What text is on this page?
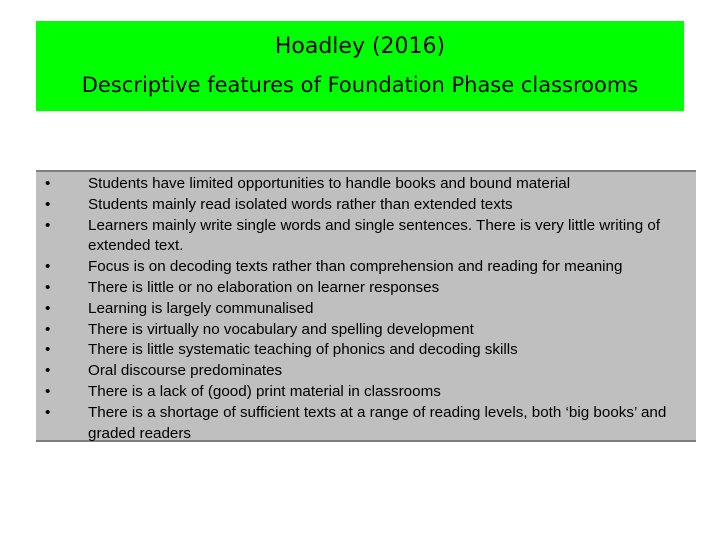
Hoadley (2016)
Descriptive features of Foundation Phase classrooms
•	Students have limited opportunities to handle books and bound material
•	Students mainly read isolated words rather than extended texts
•	Learners mainly write single words and single sentences. There is very little writing of extended text.
•	Focus is on decoding texts rather than comprehension and reading for meaning
•	There is little or no elaboration on learner responses
•	Learning is largely communalised
•	There is virtually no vocabulary and spelling development
•	There is little systematic teaching of phonics and decoding skills
•	Oral discourse predominates
•	There is a lack of (good) print material in classrooms
•	There is a shortage of sufficient texts at a range of reading levels, both ‘big books’ and graded readers
